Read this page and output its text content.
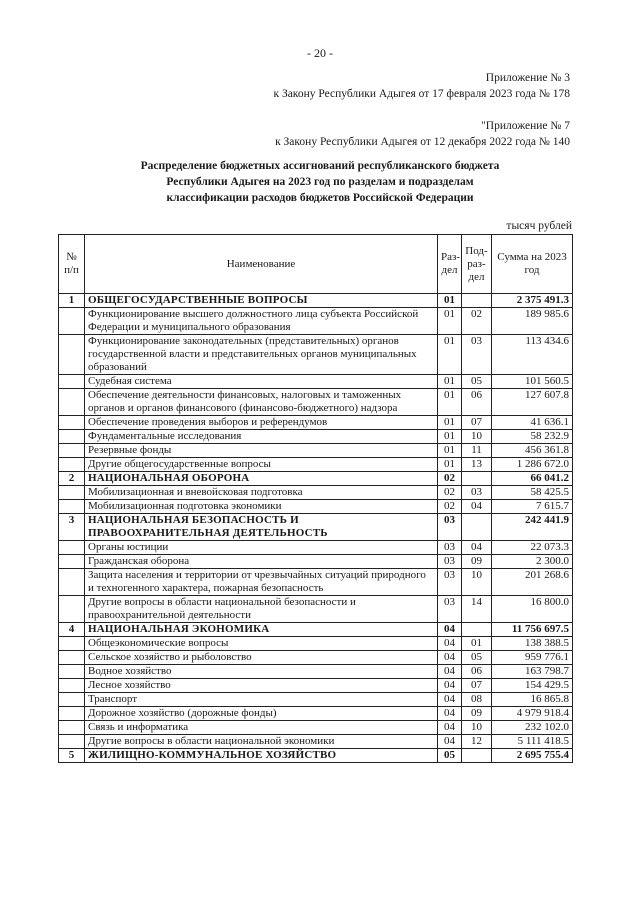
- 20 -
Приложение № 3
к Закону Республики Адыгея от 17 февраля 2023 года № 178
"Приложение № 7
к Закону Республики Адыгея от 12 декабря 2022 года № 140
Распределение бюджетных ассигнований республиканского бюджета
Республики Адыгея на 2023 год по разделам и подразделам
классификации расходов бюджетов Российской Федерации
тысяч рублей
№ п/п	Наименование	Раз-дел	Под-раз-дел	Сумма на 2023 год
1	ОБЩЕГОСУДАРСТВЕННЫЕ ВОПРОСЫ	01		2 375 491.3
	Функционирование высшего должностного лица субъекта Российской Федерации и муниципального образования	01	02	189 985.6
	Функционирование законодательных (представительных) органов государственной власти и представительных органов муниципальных образований	01	03	113 434.6
	Судебная система	01	05	101 560.5
	Обеспечение деятельности финансовых, налоговых и таможенных органов и органов финансового (финансово-бюджетного) надзора	01	06	127 607.8
	Обеспечение проведения выборов и референдумов	01	07	41 636.1
	Фундаментальные исследования	01	10	58 232.9
	Резервные фонды	01	11	456 361.8
	Другие общегосударственные вопросы	01	13	1 286 672.0
2	НАЦИОНАЛЬНАЯ ОБОРОНА	02		66 041.2
	Мобилизационная и вневойсковая подготовка	02	03	58 425.5
	Мобилизационная подготовка экономики	02	04	7 615.7
3	НАЦИОНАЛЬНАЯ БЕЗОПАСНОСТЬ И ПРАВООХРАНИТЕЛЬНАЯ ДЕЯТЕЛЬНОСТЬ	03		242 441.9
	Органы юстиции	03	04	22 073.3
	Гражданская оборона	03	09	2 300.0
	Защита населения и территории от чрезвычайных ситуаций природного и техногенного характера, пожарная безопасность	03	10	201 268.6
	Другие вопросы в области национальной безопасности и правоохранительной деятельности	03	14	16 800.0
4	НАЦИОНАЛЬНАЯ ЭКОНОМИКА	04		11 756 697.5
	Общеэкономические вопросы	04	01	138 388.5
	Сельское хозяйство и рыболовство	04	05	959 776.1
	Водное хозяйство	04	06	163 798.7
	Лесное хозяйство	04	07	154 429.5
	Транспорт	04	08	16 865.8
	Дорожное хозяйство (дорожные фонды)	04	09	4 979 918.4
	Связь и информатика	04	10	232 102.0
	Другие вопросы в области национальной экономики	04	12	5 111 418.5
5	ЖИЛИЩНО-КОММУНАЛЬНОЕ ХОЗЯЙСТВО	05		2 695 755.4
